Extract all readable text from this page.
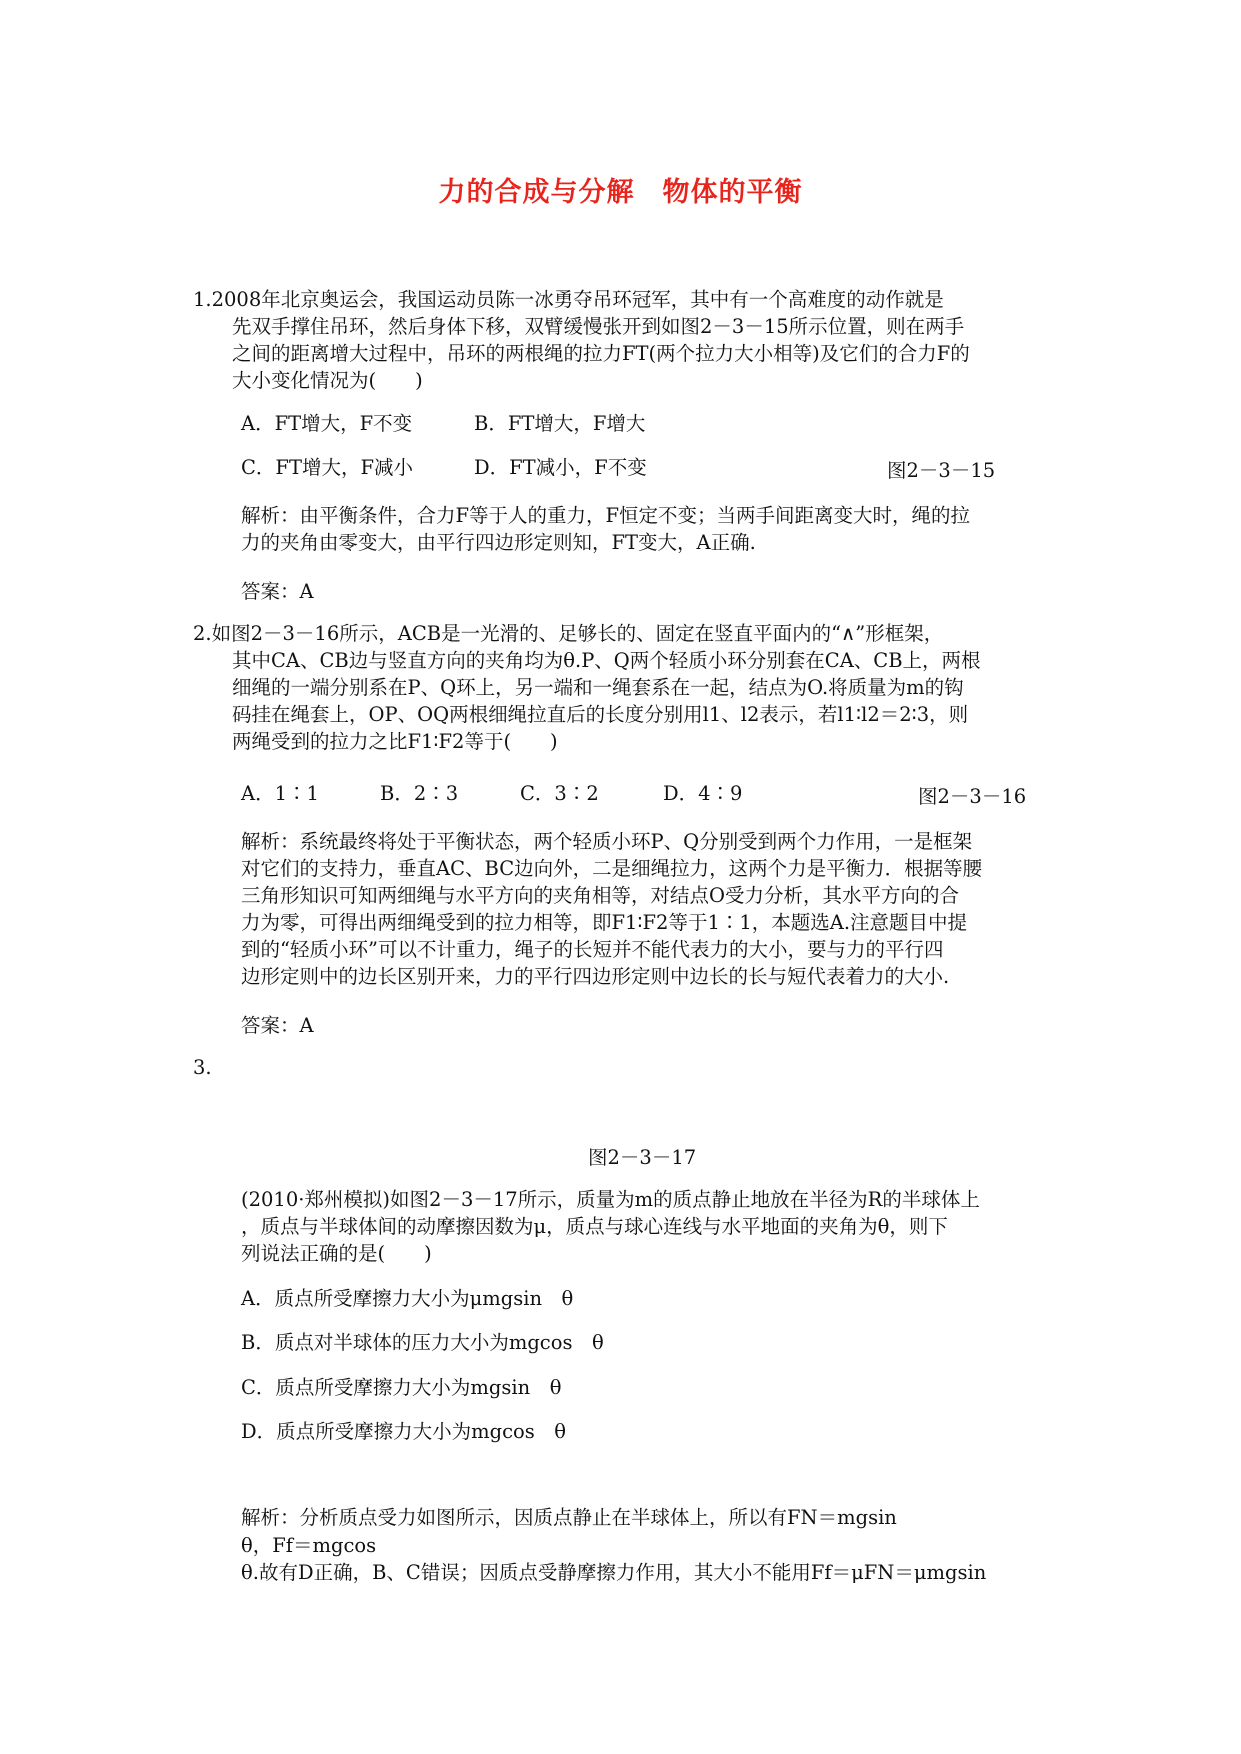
力的合成与分解　物体的平衡
1.2008年北京奥运会，我国运动员陈一冰勇夺吊环冠军，其中有一个高难度的动作就是
先双手撑住吊环，然后身体下移，双臂缓慢张开到如图2－3－15所示位置，则在两手
之间的距离增大过程中，吊环的两根绳的拉力FT(两个拉力大小相等)及它们的合力F的
大小变化情况为(　　)
A．FT增大，F不变	B．FT增大，F增大
C．FT增大，F减小	D．FT减小，F不变	图2－3－15
解析：由平衡条件，合力F等于人的重力，F恒定不变；当两手间距离变大时，绳的拉
力的夹角由零变大，由平行四边形定则知，FT变大，A正确.
答案：A
2.如图2－3－16所示，ACB是一光滑的、足够长的、固定在竖直平面内的“∧”形框架，
其中CA、CB边与竖直方向的夹角均为θ.P、Q两个轻质小环分别套在CA、CB上，两根
细绳的一端分别系在P、Q环上，另一端和一绳套系在一起，结点为O.将质量为m的钩
码挂在绳套上，OP、OQ两根细绳拉直后的长度分别用l1、l2表示，若l1∶l2＝2∶3，则
两绳受到的拉力之比F1∶F2等于(　　)
A．1∶1	B．2∶3	C．3∶2	D．4∶9	图2－3－16
解析：系统最终将处于平衡状态，两个轻质小环P、Q分别受到两个力作用，一是框架
对它们的支持力，垂直AC、BC边向外，二是细绳拉力，这两个力是平衡力．根据等腰
三角形知识可知两细绳与水平方向的夹角相等，对结点O受力分析，其水平方向的合
力为零，可得出两细绳受到的拉力相等，即F1∶F2等于1∶1，本题选A.注意题目中提
到的“轻质小环”可以不计重力，绳子的长短并不能代表力的大小，要与力的平行四
边形定则中的边长区别开来，力的平行四边形定则中边长的长与短代表着力的大小.
答案：A
3.
图2－3－17
(2010·郑州模拟)如图2－3－17所示，质量为m的质点静止地放在半径为R的半球体上
，质点与半球体间的动摩擦因数为μ，质点与球心连线与水平地面的夹角为θ，则下
列说法正确的是(　　)
A．质点所受摩擦力大小为μmgsin　θ
B．质点对半球体的压力大小为mgcos　θ
C．质点所受摩擦力大小为mgsin　θ
D．质点所受摩擦力大小为mgcos　θ
解析：分析质点受力如图所示，因质点静止在半球体上，所以有FN＝mgsin
θ，Ff＝mgcos
θ.故有D正确，B、C错误；因质点受静摩擦力作用，其大小不能用Ff＝μFN＝μmgsin
